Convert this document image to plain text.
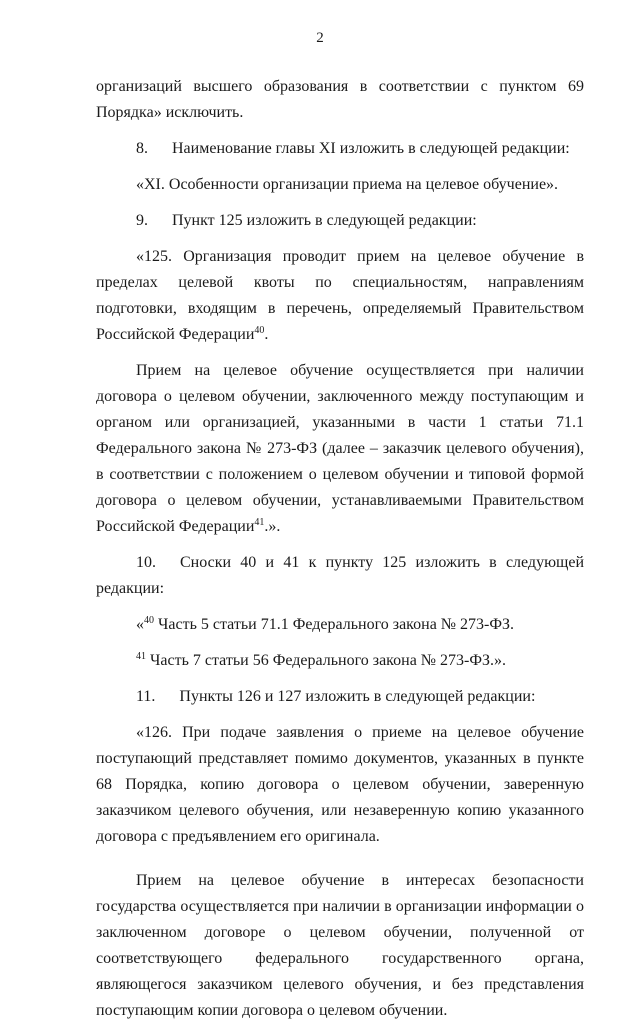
2

организаций высшего образования в соответствии с пунктом 69 Порядка» исключить.

8. Наименование главы XI изложить в следующей редакции:

«XI. Особенности организации приема на целевое обучение».

9. Пункт 125 изложить в следующей редакции:

«125. Организация проводит прием на целевое обучение в пределах целевой квоты по специальностям, направлениям подготовки, входящим в перечень, определяемый Правительством Российской Федерации$^{40}$.

Прием на целевое обучение осуществляется при наличии договора о целевом обучении, заключенного между поступающим и органом или организацией, указанными в части 1 статьи 71.1 Федерального закона № 273-ФЗ (далее – заказчик целевого обучения), в соответствии с положением о целевом обучении и типовой формой договора о целевом обучении, устанавливаемыми Правительством Российской Федерации$^{41}$.».

10. Сноски 40 и 41 к пункту 125 изложить в следующей редакции:

«$^{40}$ Часть 5 статьи 71.1 Федерального закона № 273-ФЗ.

$^{41}$ Часть 7 статьи 56 Федерального закона № 273-ФЗ.».

11. Пункты 126 и 127 изложить в следующей редакции:

«126. При подаче заявления о приеме на целевое обучение поступающий представляет помимо документов, указанных в пункте 68 Порядка, копию договора о целевом обучении, заверенную заказчиком целевого обучения, или незаверенную копию указанного договора с предъявлением его оригинала.

Прием на целевое обучение в интересах безопасности государства осуществляется при наличии в организации информации о заключенном договоре о целевом обучении, полученной от соответствующего федерального государственного органа, являющегося заказчиком целевого обучения, и без представления поступающим копии договора о целевом обучении.
